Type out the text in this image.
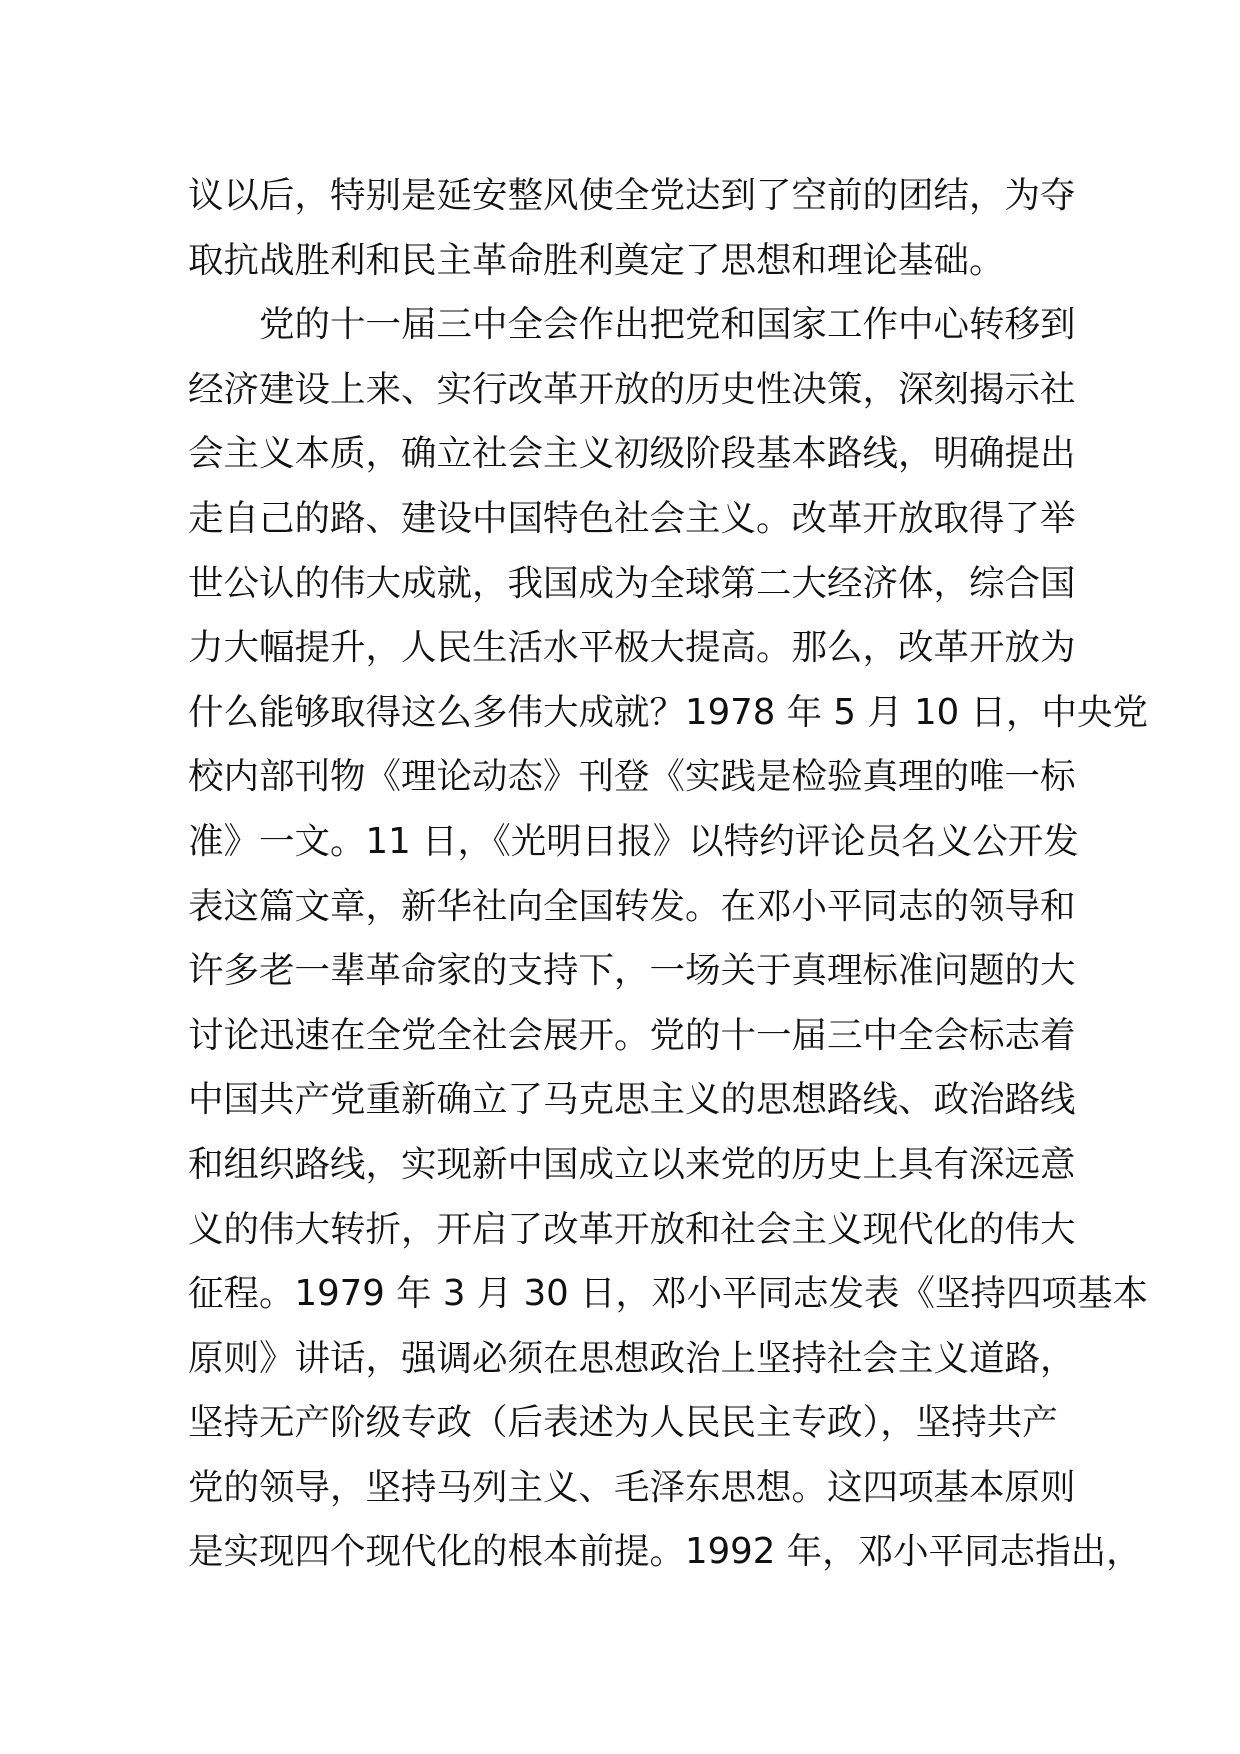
议以后，特别是延安整风使全党达到了空前的团结，为夺
取抗战胜利和民主革命胜利奠定了思想和理论基础。
　　党的十一届三中全会作出把党和国家工作中心转移到
经济建设上来、实行改革开放的历史性决策，深刻揭示社
会主义本质，确立社会主义初级阶段基本路线，明确提出
走自己的路、建设中国特色社会主义。改革开放取得了举
世公认的伟大成就，我国成为全球第二大经济体，综合国
力大幅提升，人民生活水平极大提高。那么，改革开放为
什么能够取得这么多伟大成就？1978 年 5 月 10 日，中央党
校内部刊物《理论动态》刊登《实践是检验真理的唯一标
准》一文。11 日，《光明日报》以特约评论员名义公开发
表这篇文章，新华社向全国转发。在邓小平同志的领导和
许多老一辈革命家的支持下，一场关于真理标准问题的大
讨论迅速在全党全社会展开。党的十一届三中全会标志着
中国共产党重新确立了马克思主义的思想路线、政治路线
和组织路线，实现新中国成立以来党的历史上具有深远意
义的伟大转折，开启了改革开放和社会主义现代化的伟大
征程。1979 年 3 月 30 日，邓小平同志发表《坚持四项基本
原则》讲话，强调必须在思想政治上坚持社会主义道路，
坚持无产阶级专政（后表述为人民民主专政），坚持共产
党的领导，坚持马列主义、毛泽东思想。这四项基本原则
是实现四个现代化的根本前提。1992 年，邓小平同志指出，
